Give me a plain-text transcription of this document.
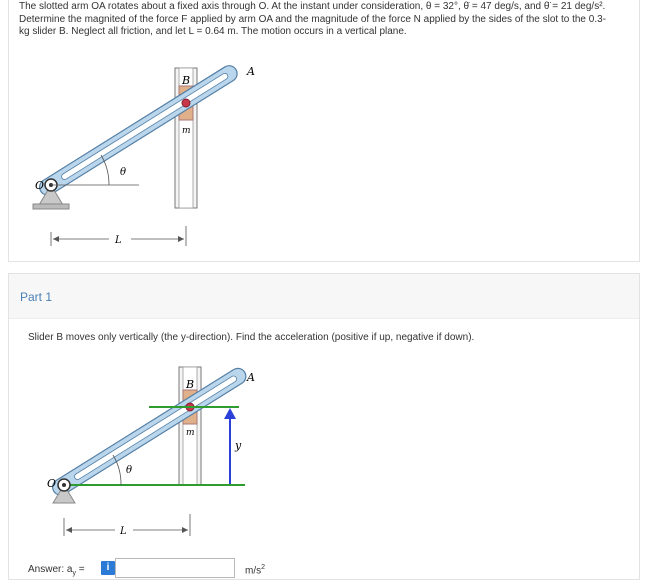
The slotted arm OA rotates about a fixed axis through O. At the instant under consideration, θ = 32°, θ̇ = 47 deg/s, and θ̈ = 21 deg/s².
Determine the magnited of the force F applied by arm OA and the magnitude of the force N applied by the sides of the slot to the 0.3-
kg slider B. Neglect all friction, and let L = 0.64 m. The motion occurs in a vertical plane.
A
B
m
O
θ
L
Part 1
Slider B moves only vertically (the y-direction). Find the acceleration (positive if up, negative if down).
A
B
m
y
O
θ
L
Answer: $a_y$ =	i	$m/s^2$
